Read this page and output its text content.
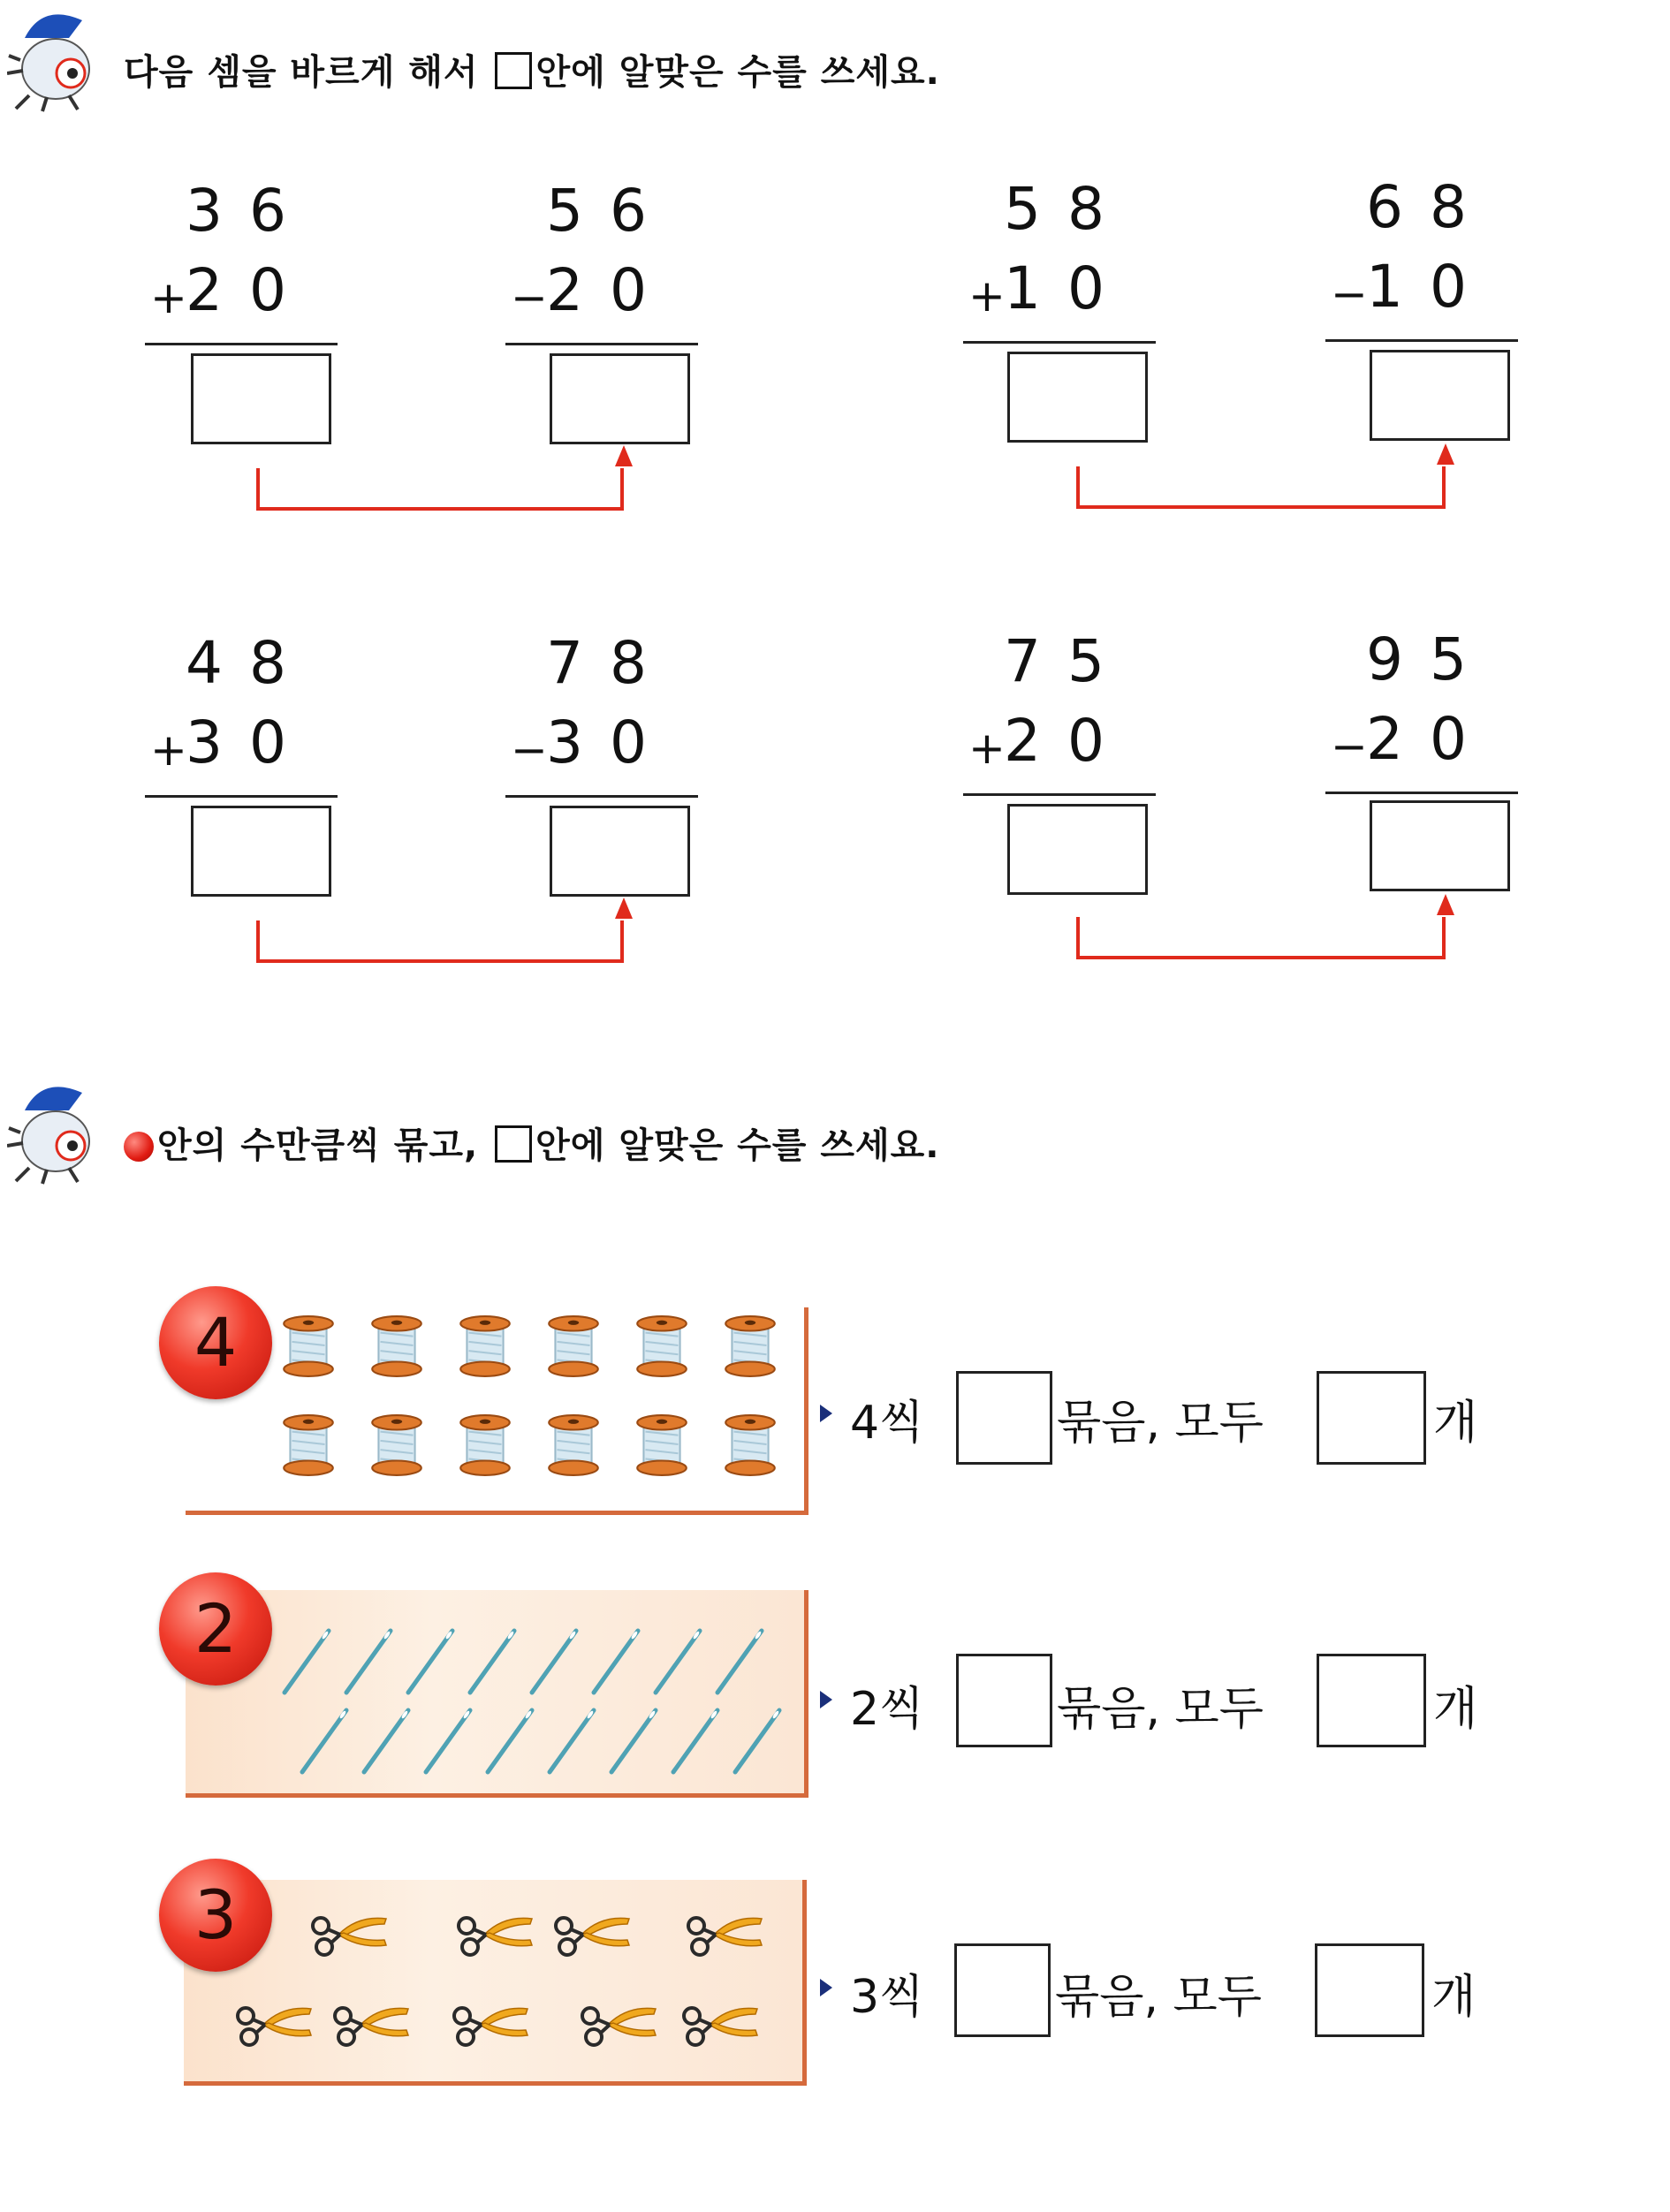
다음 셈을 바르게 해서 안에 알맞은 수를 쓰세요.
36
+
20
56
−
20
58
+
10
68
−
10
48
+
30
78
−
30
75
+
20
95
−
20
안의 수만큼씩 묶고, 안에 알맞은 수를 쓰세요.
4
4씩	묶음, 모두	개
2
2씩	묶음, 모두	개
3
3씩	묶음, 모두	개
